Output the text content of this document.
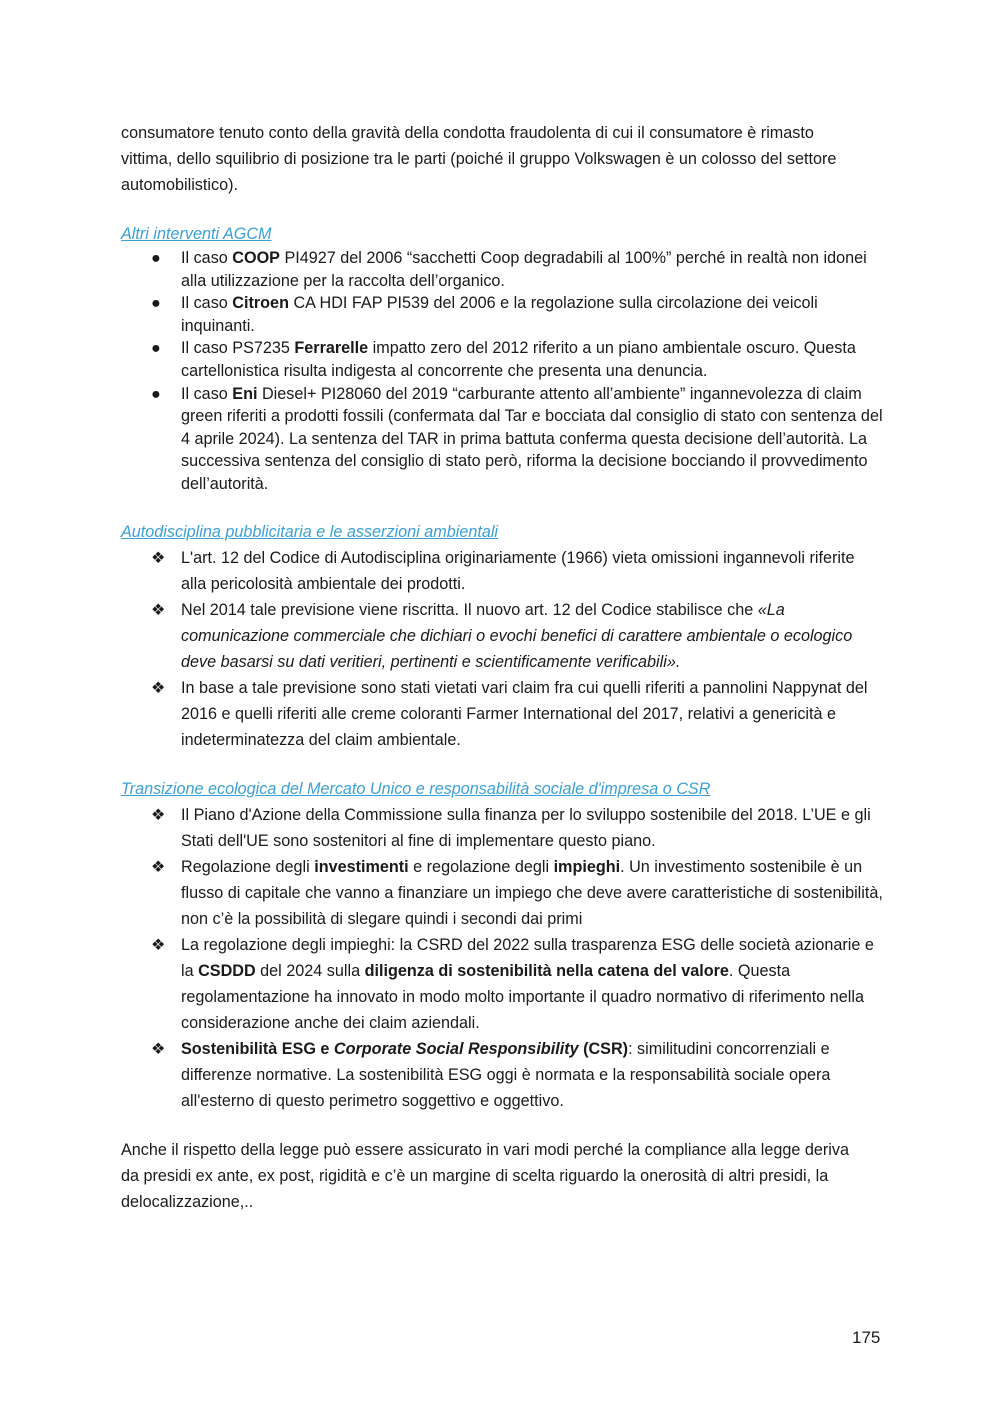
consumatore tenuto conto della gravità della condotta fraudolenta di cui il consumatore è rimasto
vittima, dello squilibrio di posizione tra le parti (poiché il gruppo Volkswagen è un colosso del settore
automobilistico).
Altri interventi AGCM
● Il caso COOP PI4927 del 2006 “sacchetti Coop degradabili al 100%” perché in realtà non idonei alla utilizzazione per la raccolta dell’organico.
● Il caso Citroen CA HDI FAP PI539 del 2006 e la regolazione sulla circolazione dei veicoli inquinanti.
● Il caso PS7235 Ferrarelle impatto zero del 2012 riferito a un piano ambientale oscuro. Questa cartellonistica risulta indigesta al concorrente che presenta una denuncia.
● Il caso Eni Diesel+ PI28060 del 2019 “carburante attento all’ambiente” ingannevolezza di claim green riferiti a prodotti fossili (confermata dal Tar e bocciata dal consiglio di stato con sentenza del 4 aprile 2024). La sentenza del TAR in prima battuta conferma questa decisione dell’autorità. La successiva sentenza del consiglio di stato però, riforma la decisione bocciando il provvedimento dell’autorità.
Autodisciplina pubblicitaria e le asserzioni ambientali
❖ L'art. 12 del Codice di Autodisciplina originariamente (1966) vieta omissioni ingannevoli riferite alla pericolosità ambientale dei prodotti.
❖ Nel 2014 tale previsione viene riscritta. Il nuovo art. 12 del Codice stabilisce che «La comunicazione commerciale che dichiari o evochi benefici di carattere ambientale o ecologico deve basarsi su dati veritieri, pertinenti e scientificamente verificabili».
❖ In base a tale previsione sono stati vietati vari claim fra cui quelli riferiti a pannolini Nappynat del 2016 e quelli riferiti alle creme coloranti Farmer International del 2017, relativi a genericità e indeterminatezza del claim ambientale.
Transizione ecologica del Mercato Unico e responsabilità sociale d'impresa o CSR
❖ Il Piano d'Azione della Commissione sulla finanza per lo sviluppo sostenibile del 2018. L’UE e gli Stati dell'UE sono sostenitori al fine di implementare questo piano.
❖ Regolazione degli investimenti e regolazione degli impieghi. Un investimento sostenibile è un flusso di capitale che vanno a finanziare un impiego che deve avere caratteristiche di sostenibilità, non c’è la possibilità di slegare quindi i secondi dai primi
❖ La regolazione degli impieghi: la CSRD del 2022 sulla trasparenza ESG delle società azionarie e la CSDDD del 2024 sulla diligenza di sostenibilità nella catena del valore. Questa regolamentazione ha innovato in modo molto importante il quadro normativo di riferimento nella considerazione anche dei claim aziendali.
❖ Sostenibilità ESG e Corporate Social Responsibility (CSR): similitudini concorrenziali e differenze normative. La sostenibilità ESG oggi è normata e la responsabilità sociale opera all'esterno di questo perimetro soggettivo e oggettivo.
Anche il rispetto della legge può essere assicurato in vari modi perché la compliance alla legge deriva
da presidi ex ante, ex post, rigidità e c’è un margine di scelta riguardo la onerosità di altri presidi, la
delocalizzazione,..
175
